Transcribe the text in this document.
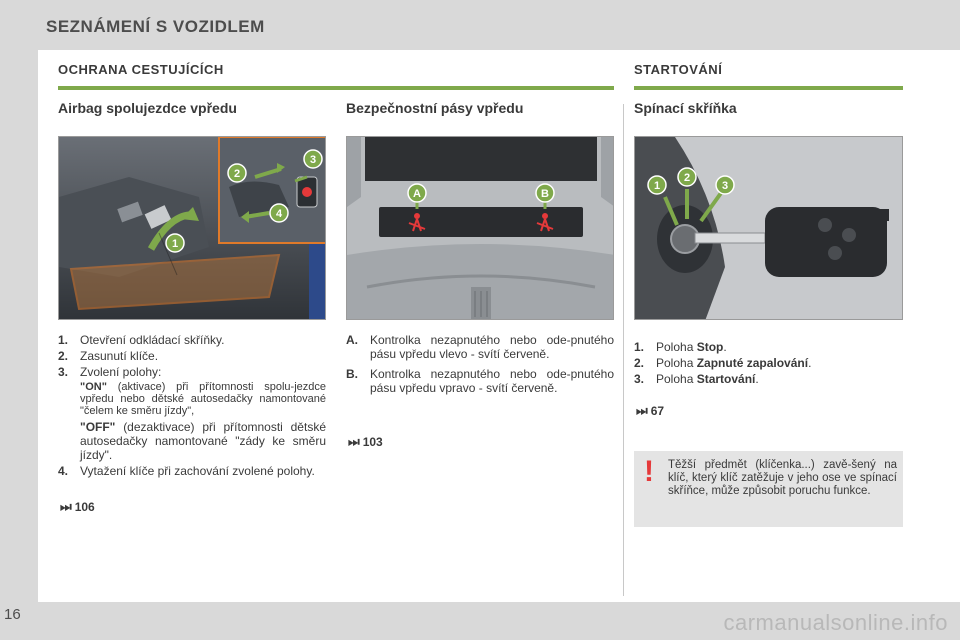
SEZNÁMENÍ S VOZIDLEM
16	carmanualsonline.info
OCHRANA CESTUJÍCÍCH	STARTOVÁNÍ
Airbag spolujezdce vpředu
1
2
3
4
1. Otevření odkládací skříňky.
2. Zasunutí klíče.
3. Zvolení polohy:
"ON" (aktivace) při přítomnosti spolu-jezdce vpředu nebo dětské autosedačky namontované "čelem ke směru jízdy",
"OFF" (dezaktivace) při přítomnosti dětské autosedačky namontované "zády ke směru jízdy".
4. Vytažení klíče při zachování zvolené polohy.
⏭ 106
Bezpečnostní pásy vpředu
A	B
A. Kontrolka nezapnutého nebo ode-pnutého pásu vpředu vlevo - svítí červeně.
B. Kontrolka nezapnutého nebo ode-pnutého pásu vpředu vpravo - svítí červeně.
⏭ 103
Spínací skříňka
1
2
3
1. Poloha Stop.
2. Poloha Zapnuté zapalování.
3. Poloha Startování.
⏭ 67
! Těžší předmět (klíčenka...) zavě-šený na klíč, který klíč zatěžuje v jeho ose ve spínací skříňce, může způsobit poruchu funkce.
